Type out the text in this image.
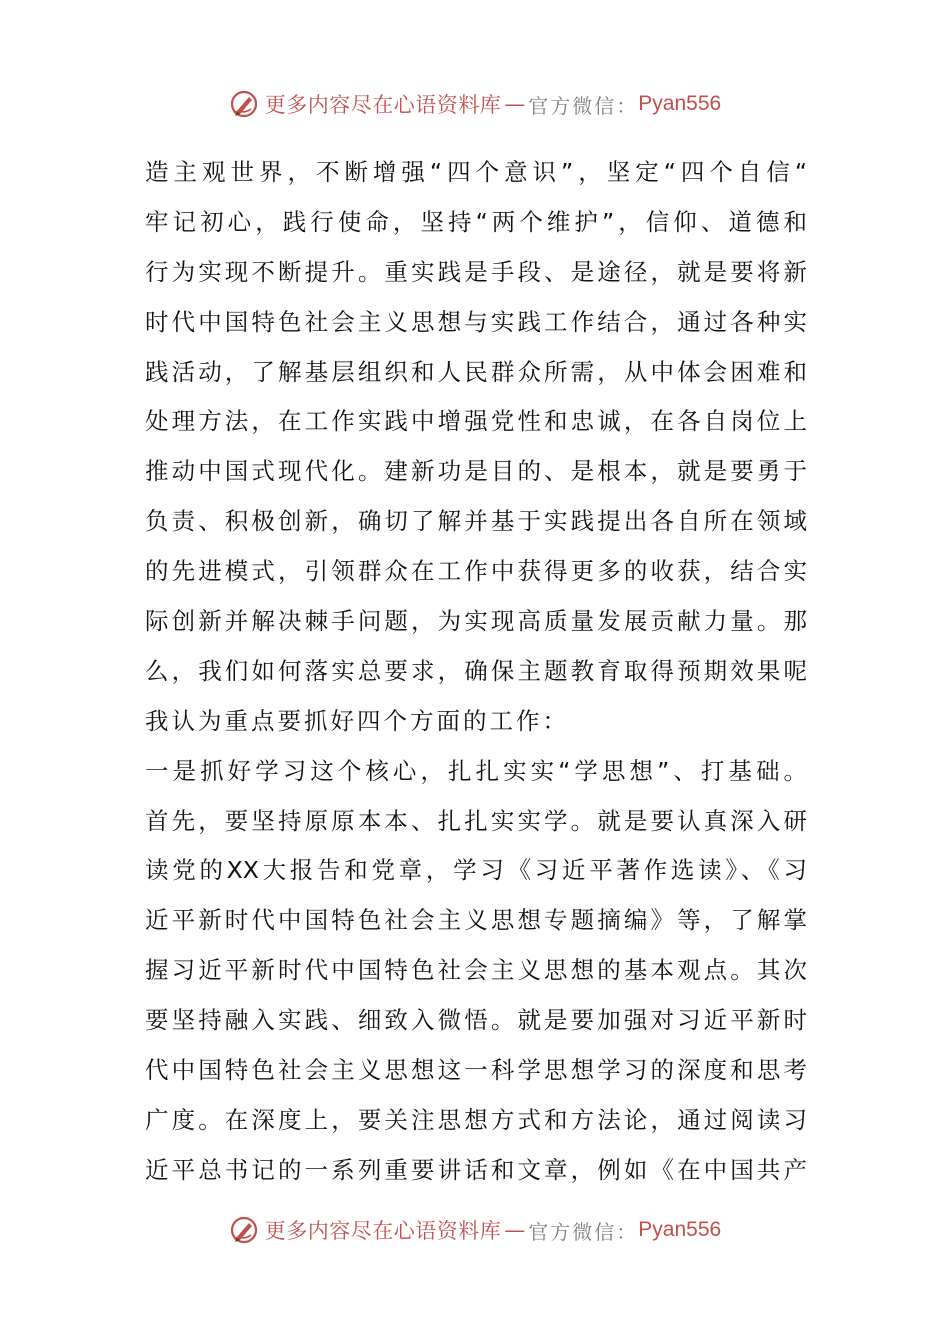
更多内容尽在心语资料库 — 官方微信： Pyan556
造主观世界，不断增强“四个意识”，坚定“四个自信“
牢记初心，践行使命，坚持“两个维护”，信仰、道德和
行为实现不断提升。重实践是手段、是途径，就是要将新
时代中国特色社会主义思想与实践工作结合，通过各种实
践活动，了解基层组织和人民群众所需，从中体会困难和
处理方法，在工作实践中增强党性和忠诚，在各自岗位上
推动中国式现代化。建新功是目的、是根本，就是要勇于
负责、积极创新，确切了解并基于实践提出各自所在领域
的先进模式，引领群众在工作中获得更多的收获，结合实
际创新并解决棘手问题，为实现高质量发展贡献力量。那
么，我们如何落实总要求，确保主题教育取得预期效果呢
我认为重点要抓好四个方面的工作：
一是抓好学习这个核心，扎扎实实“学思想”、打基础。
首先，要坚持原原本本、扎扎实实学。就是要认真深入研
读党的XX大报告和党章，学习《习近平著作选读》、《习
近平新时代中国特色社会主义思想专题摘编》等，了解掌
握习近平新时代中国特色社会主义思想的基本观点。其次
要坚持融入实践、细致入微悟。就是要加强对习近平新时
代中国特色社会主义思想这一科学思想学习的深度和思考
广度。在深度上，要关注思想方式和方法论，通过阅读习
近平总书记的一系列重要讲话和文章，例如《在中国共产
更多内容尽在心语资料库 — 官方微信： Pyan556
